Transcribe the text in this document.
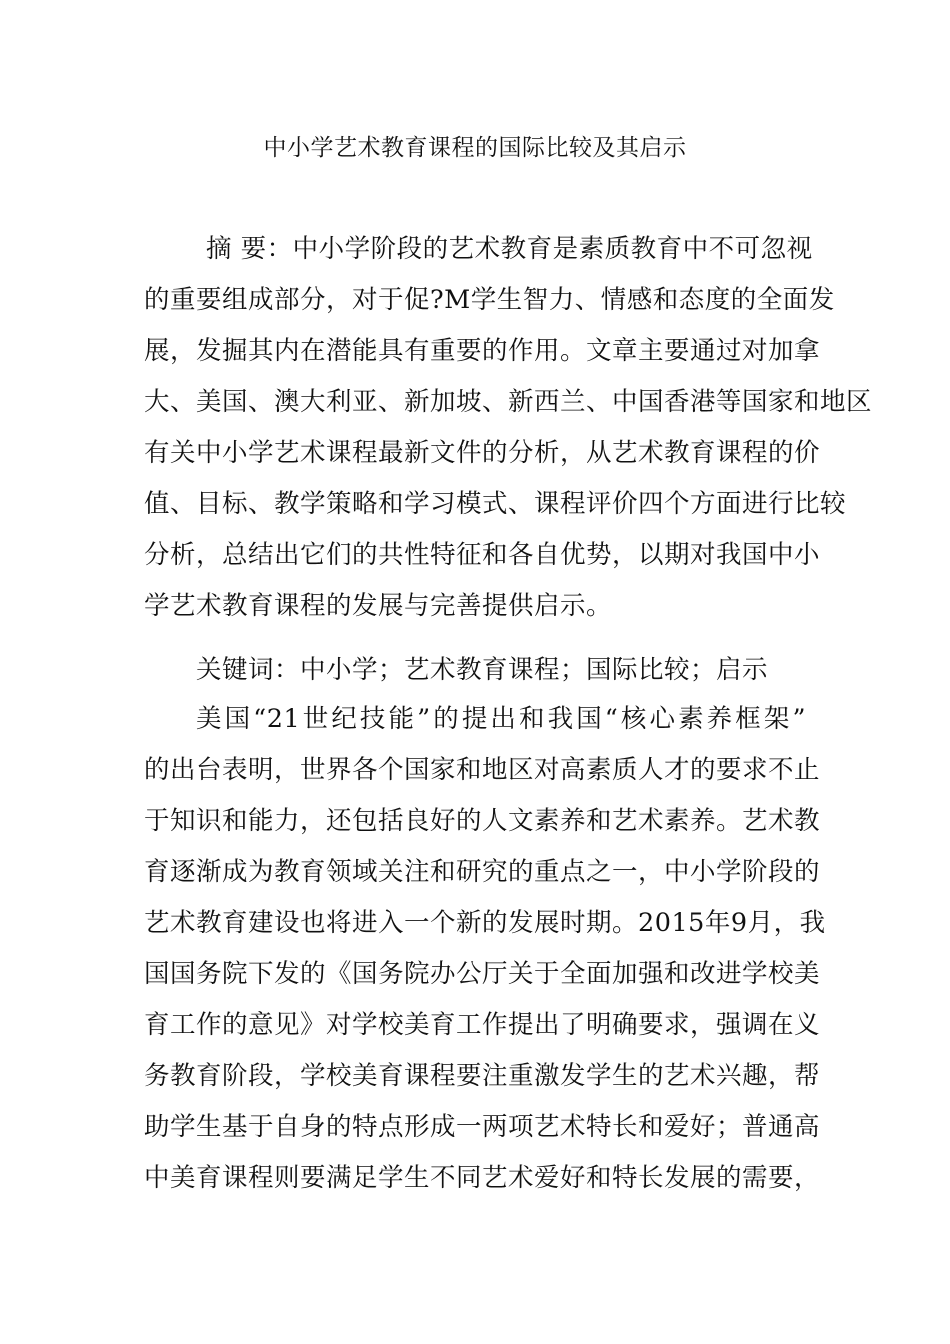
中小学艺术教育课程的国际比较及其启示
摘 要：中小学阶段的艺术教育是素质教育中不可忽视
的重要组成部分，对于促?M学生智力、情感和态度的全面发
展，发掘其内在潜能具有重要的作用。文章主要通过对加拿
大、美国、澳大利亚、新加坡、新西兰、中国香港等国家和地区
有关中小学艺术课程最新文件的分析，从艺术教育课程的价
值、目标、教学策略和学习模式、课程评价四个方面进行比较
分析，总结出它们的共性特征和各自优势，以期对我国中小
学艺术教育课程的发展与完善提供启示。
关键词：中小学；艺术教育课程；国际比较；启示
美国“21世纪技能”的提出和我国“核心素养框架”
的出台表明，世界各个国家和地区对高素质人才的要求不止
于知识和能力，还包括良好的人文素养和艺术素养。艺术教
育逐渐成为教育领域关注和研究的重点之一，中小学阶段的
艺术教育建设也将进入一个新的发展时期。2015年9月，我
国国务院下发的《国务院办公厅关于全面加强和改进学校美
育工作的意见》对学校美育工作提出了明确要求，强调在义
务教育阶段，学校美育课程要注重激发学生的艺术兴趣，帮
助学生基于自身的特点形成一两项艺术特长和爱好；普通高
中美育课程则要满足学生不同艺术爱好和特长发展的需要，
